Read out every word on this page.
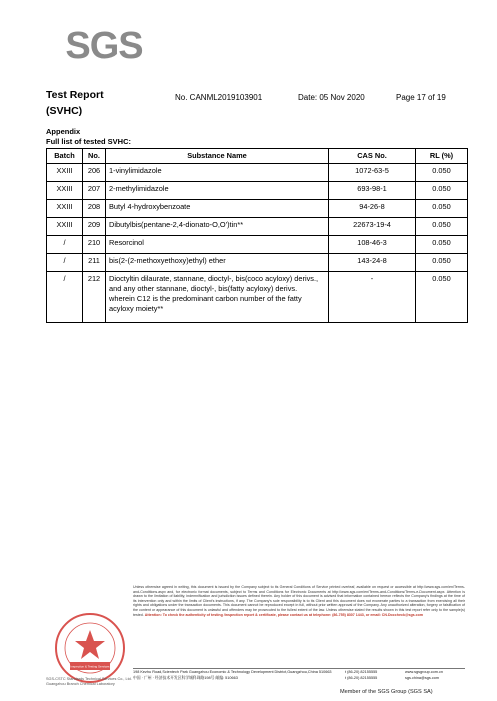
SGS
Test Report
(SVHC)
No. CANML2019103901	Date: 05 Nov 2020	Page 17 of 19
Appendix
Full list of tested SVHC:
Batch	No.	Substance Name	CAS No.	RL (%)
XXIII	206	1-vinylimidazole	1072-63-5	0.050
XXIII	207	2-methylimidazole	693-98-1	0.050
XXIII	208	Butyl 4-hydroxybenzoate	94-26-8	0.050
XXIII	209	Dibutylbis(pentane-2,4-dionato-O,O')tin**	22673-19-4	0.050
/	210	Resorcinol	108-46-3	0.050
/	211	bis(2-(2-methoxyethoxy)ethyl) ether	143-24-8	0.050
/	212	Dioctyltin dilaurate, stannane, dioctyl-, bis(coco acyloxy) derivs., and any other stannane, dioctyl-, bis(fatty acyloxy) derivs. wherein C12 is the predominant carbon number of the fatty acyloxy moiety**	-	0.050
Inspection & Testing Services
SGS-CSTC Standards Technical Services Co., Ltd. Guangzhou Branch Chemical Laboratory
Unless otherwise agreed in writing, this document is issued by the Company subject to its General Conditions of Service printed overleaf, available on request or accessible at http://www.sgs.com/en/Terms-and-Conditions.aspx and, for electronic format documents, subject to Terms and Conditions for Electronic Documents at http://www.sgs.com/en/Terms-and-Conditions/Terms-e-Document.aspx. Attention is drawn to the limitation of liability, indemnification and jurisdiction issues defined therein. Any holder of this document is advised that information contained hereon reflects the Company's findings at the time of its intervention only and within the limits of Client's instructions, if any. The Company's sole responsibility is to its Client and this document does not exonerate parties to a transaction from exercising all their rights and obligations under the transaction documents. This document cannot be reproduced except in full, without prior written approval of the Company. Any unauthorized alteration, forgery or falsification of the content or appearance of this document is unlawful and offenders may be prosecuted to the fullest extent of the law. Unless otherwise stated the results shown in this test report refer only to the sample(s) tested. Attention: To check the authenticity of testing /inspection report & certificate, please contact us at telephone: (86-755) 8307 1443, or email: CN.Doccheck@sgs.com
198 Kezhu Road,Scientech Park Guangzhou Economic & Technology Development District,Guangzhou,China 510663
中国 · 广州 · 经济技术开发区科学城科珠路198号 邮编: 510663
t (86-20) 82155555
t (86-20) 82155555
www.sgsgroup.com.cn
sgs.china@sgs.com
Member of the SGS Group (SGS SA)
